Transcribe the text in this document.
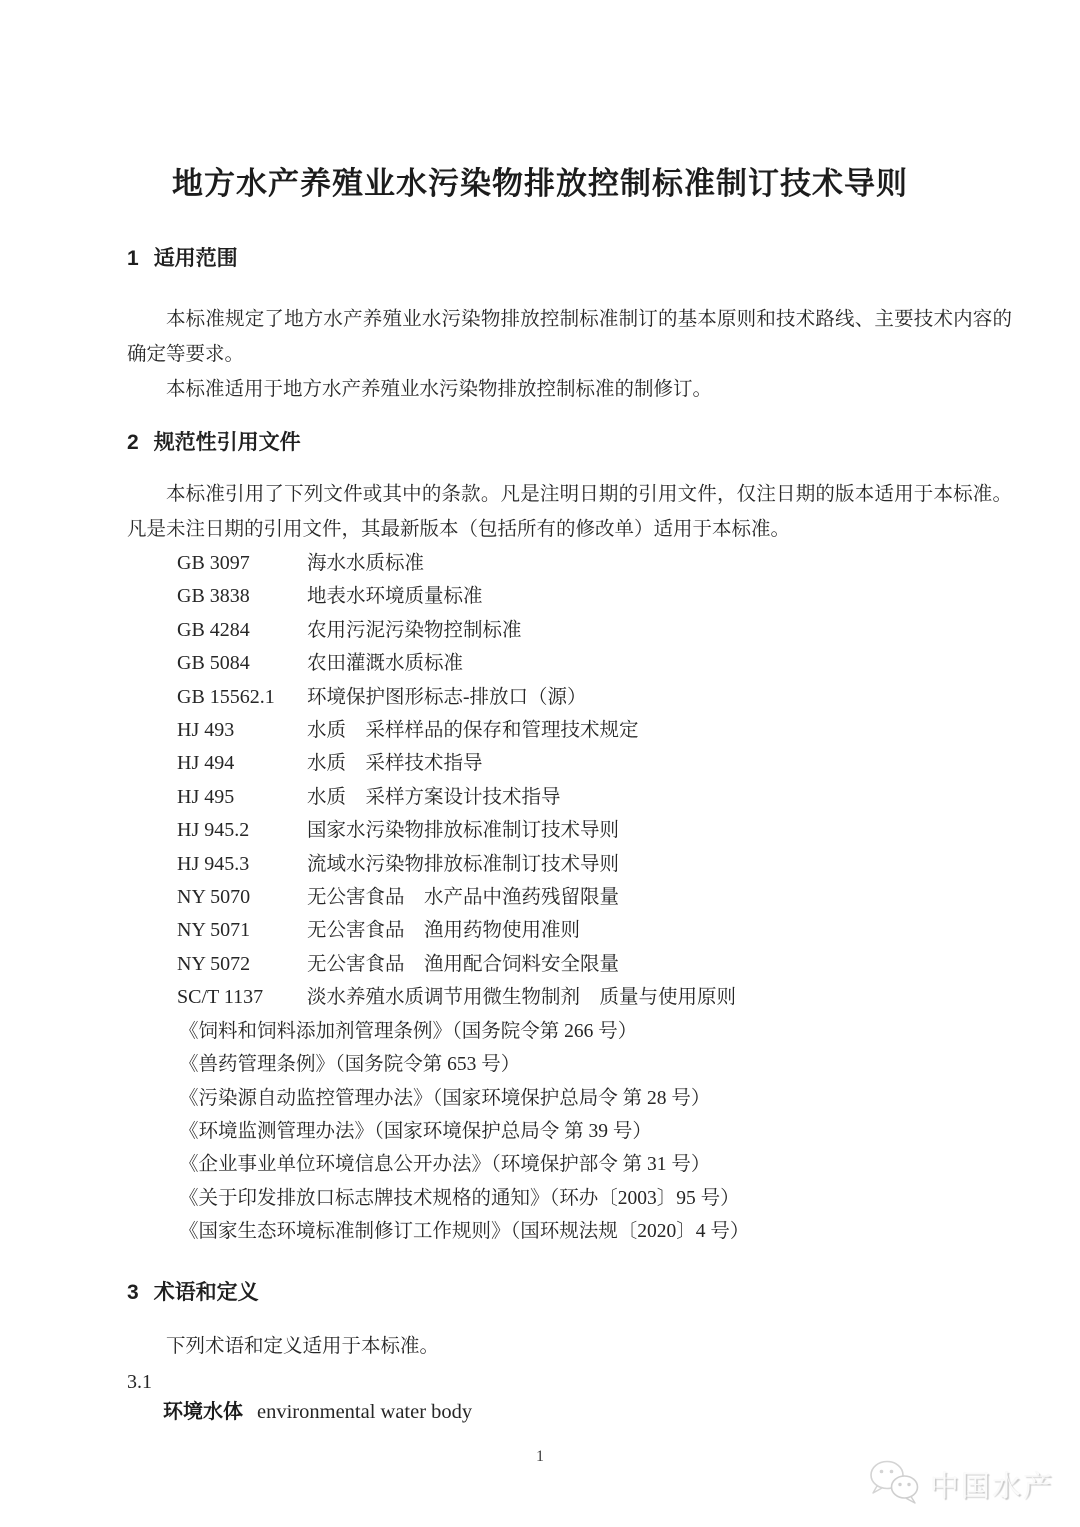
地方水产养殖业水污染物排放控制标准制订技术导则
1 适用范围

本标准规定了地方水产养殖业水污染物排放控制标准制订的基本原则和技术路线、主要技术内容的确定等要求。

本标准适用于地方水产养殖业水污染物排放控制标准的制修订。

2 规范性引用文件

本标准引用了下列文件或其中的条款。凡是注明日期的引用文件，仅注日期的版本适用于本标准。凡是未注日期的引用文件，其最新版本（包括所有的修改单）适用于本标准。

GB 3097	海水水质标准
GB 3838	地表水环境质量标准
GB 4284	农用污泥污染物控制标准
GB 5084	农田灌溉水质标准
GB 15562.1	环境保护图形标志-排放口（源）
HJ 493	水质　采样样品的保存和管理技术规定
HJ 494	水质　采样技术指导
HJ 495	水质　采样方案设计技术指导
HJ 945.2	国家水污染物排放标准制订技术导则
HJ 945.3	流域水污染物排放标准制订技术导则
NY 5070	无公害食品　水产品中渔药残留限量
NY 5071	无公害食品　渔用药物使用准则
NY 5072	无公害食品　渔用配合饲料安全限量
SC/T 1137	淡水养殖水质调节用微生物制剂　质量与使用原则
《饲料和饲料添加剂管理条例》（国务院令第 266 号）
《兽药管理条例》（国务院令第 653 号）
《污染源自动监控管理办法》（国家环境保护总局令 第 28 号）
《环境监测管理办法》（国家环境保护总局令 第 39 号）
《企业事业单位环境信息公开办法》（环境保护部令 第 31 号）
《关于印发排放口标志牌技术规格的通知》（环办〔2003〕95 号）
《国家生态环境标准制修订工作规则》（国环规法规〔2020〕4 号）
3 术语和定义

下列术语和定义适用于本标准。

3.1
环境水体 environmental water body
1
中国水产
